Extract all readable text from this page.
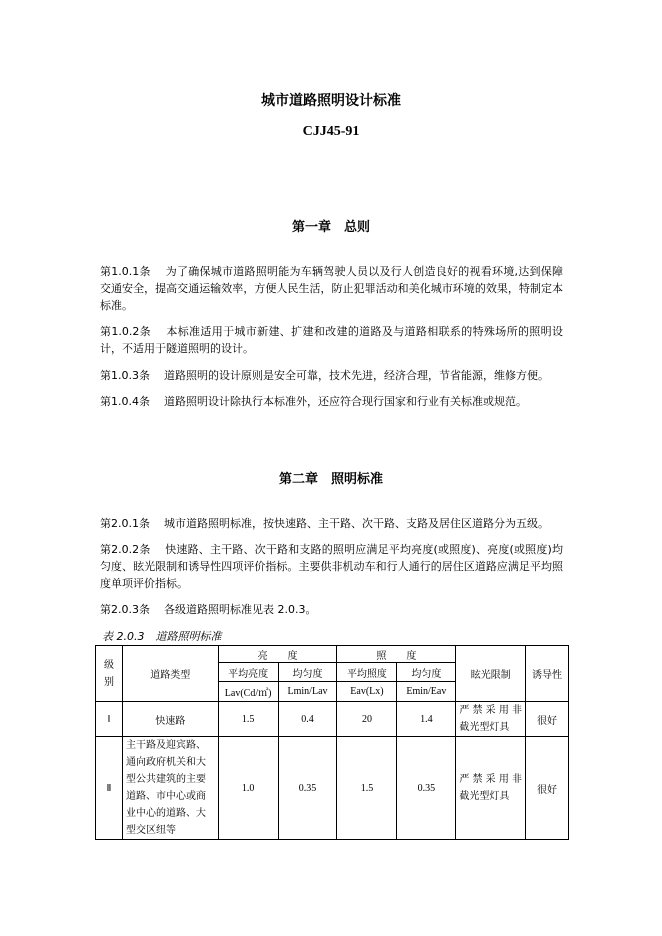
城市道路照明设计标准
CJJ45-91
第一章　总则
第1.0.1条 为了确保城市道路照明能为车辆驾驶人员以及行人创造良好的视看环境,达到保障交通安全，提高交通运输效率，方便人民生活，防止犯罪活动和美化城市环境的效果，特制定本标准。
第1.0.2条 本标准适用于城市新建、扩建和改建的道路及与道路相联系的特殊场所的照明设计，不适用于隧道照明的设计。
第1.0.3条 道路照明的设计原则是安全可靠，技术先进，经济合理，节省能源，维修方便。
第1.0.4条 道路照明设计除执行本标准外，还应符合现行国家和行业有关标准或规范。
第二章　照明标准
第2.0.1条 城市道路照明标准，按快速路、主干路、次干路、支路及居住区道路分为五级。
第2.0.2条 快速路、主干路、次干路和支路的照明应满足平均亮度(或照度)、亮度(或照度)均匀度、眩光限制和诱导性四项评价指标。主要供非机动车和行人通行的居住区道路应满足平均照度单项评价指标。
第2.0.3条 各级道路照明标准见表 2.0.3。
表 2.0.3　道路照明标准
级别	道路类型	亮　　度		照　　度		眩光限制	诱导性
		平均亮度	均匀度	平均照度	均匀度		
		Lav(Cd/㎡)	Lmin/Lav	Eav(Lx)	Emin/Eav		
Ⅰ	快速路	1.5	0.4	20	1.4	严 禁 采 用 非截光型灯具	很好
Ⅱ	主干路及迎宾路、通向政府机关和大型公共建筑的主要道路、市中心或商业中心的道路、大型交区纽等	1.0	0.35	1.5	0.35	严 禁 采 用 非截光型灯具	很好
